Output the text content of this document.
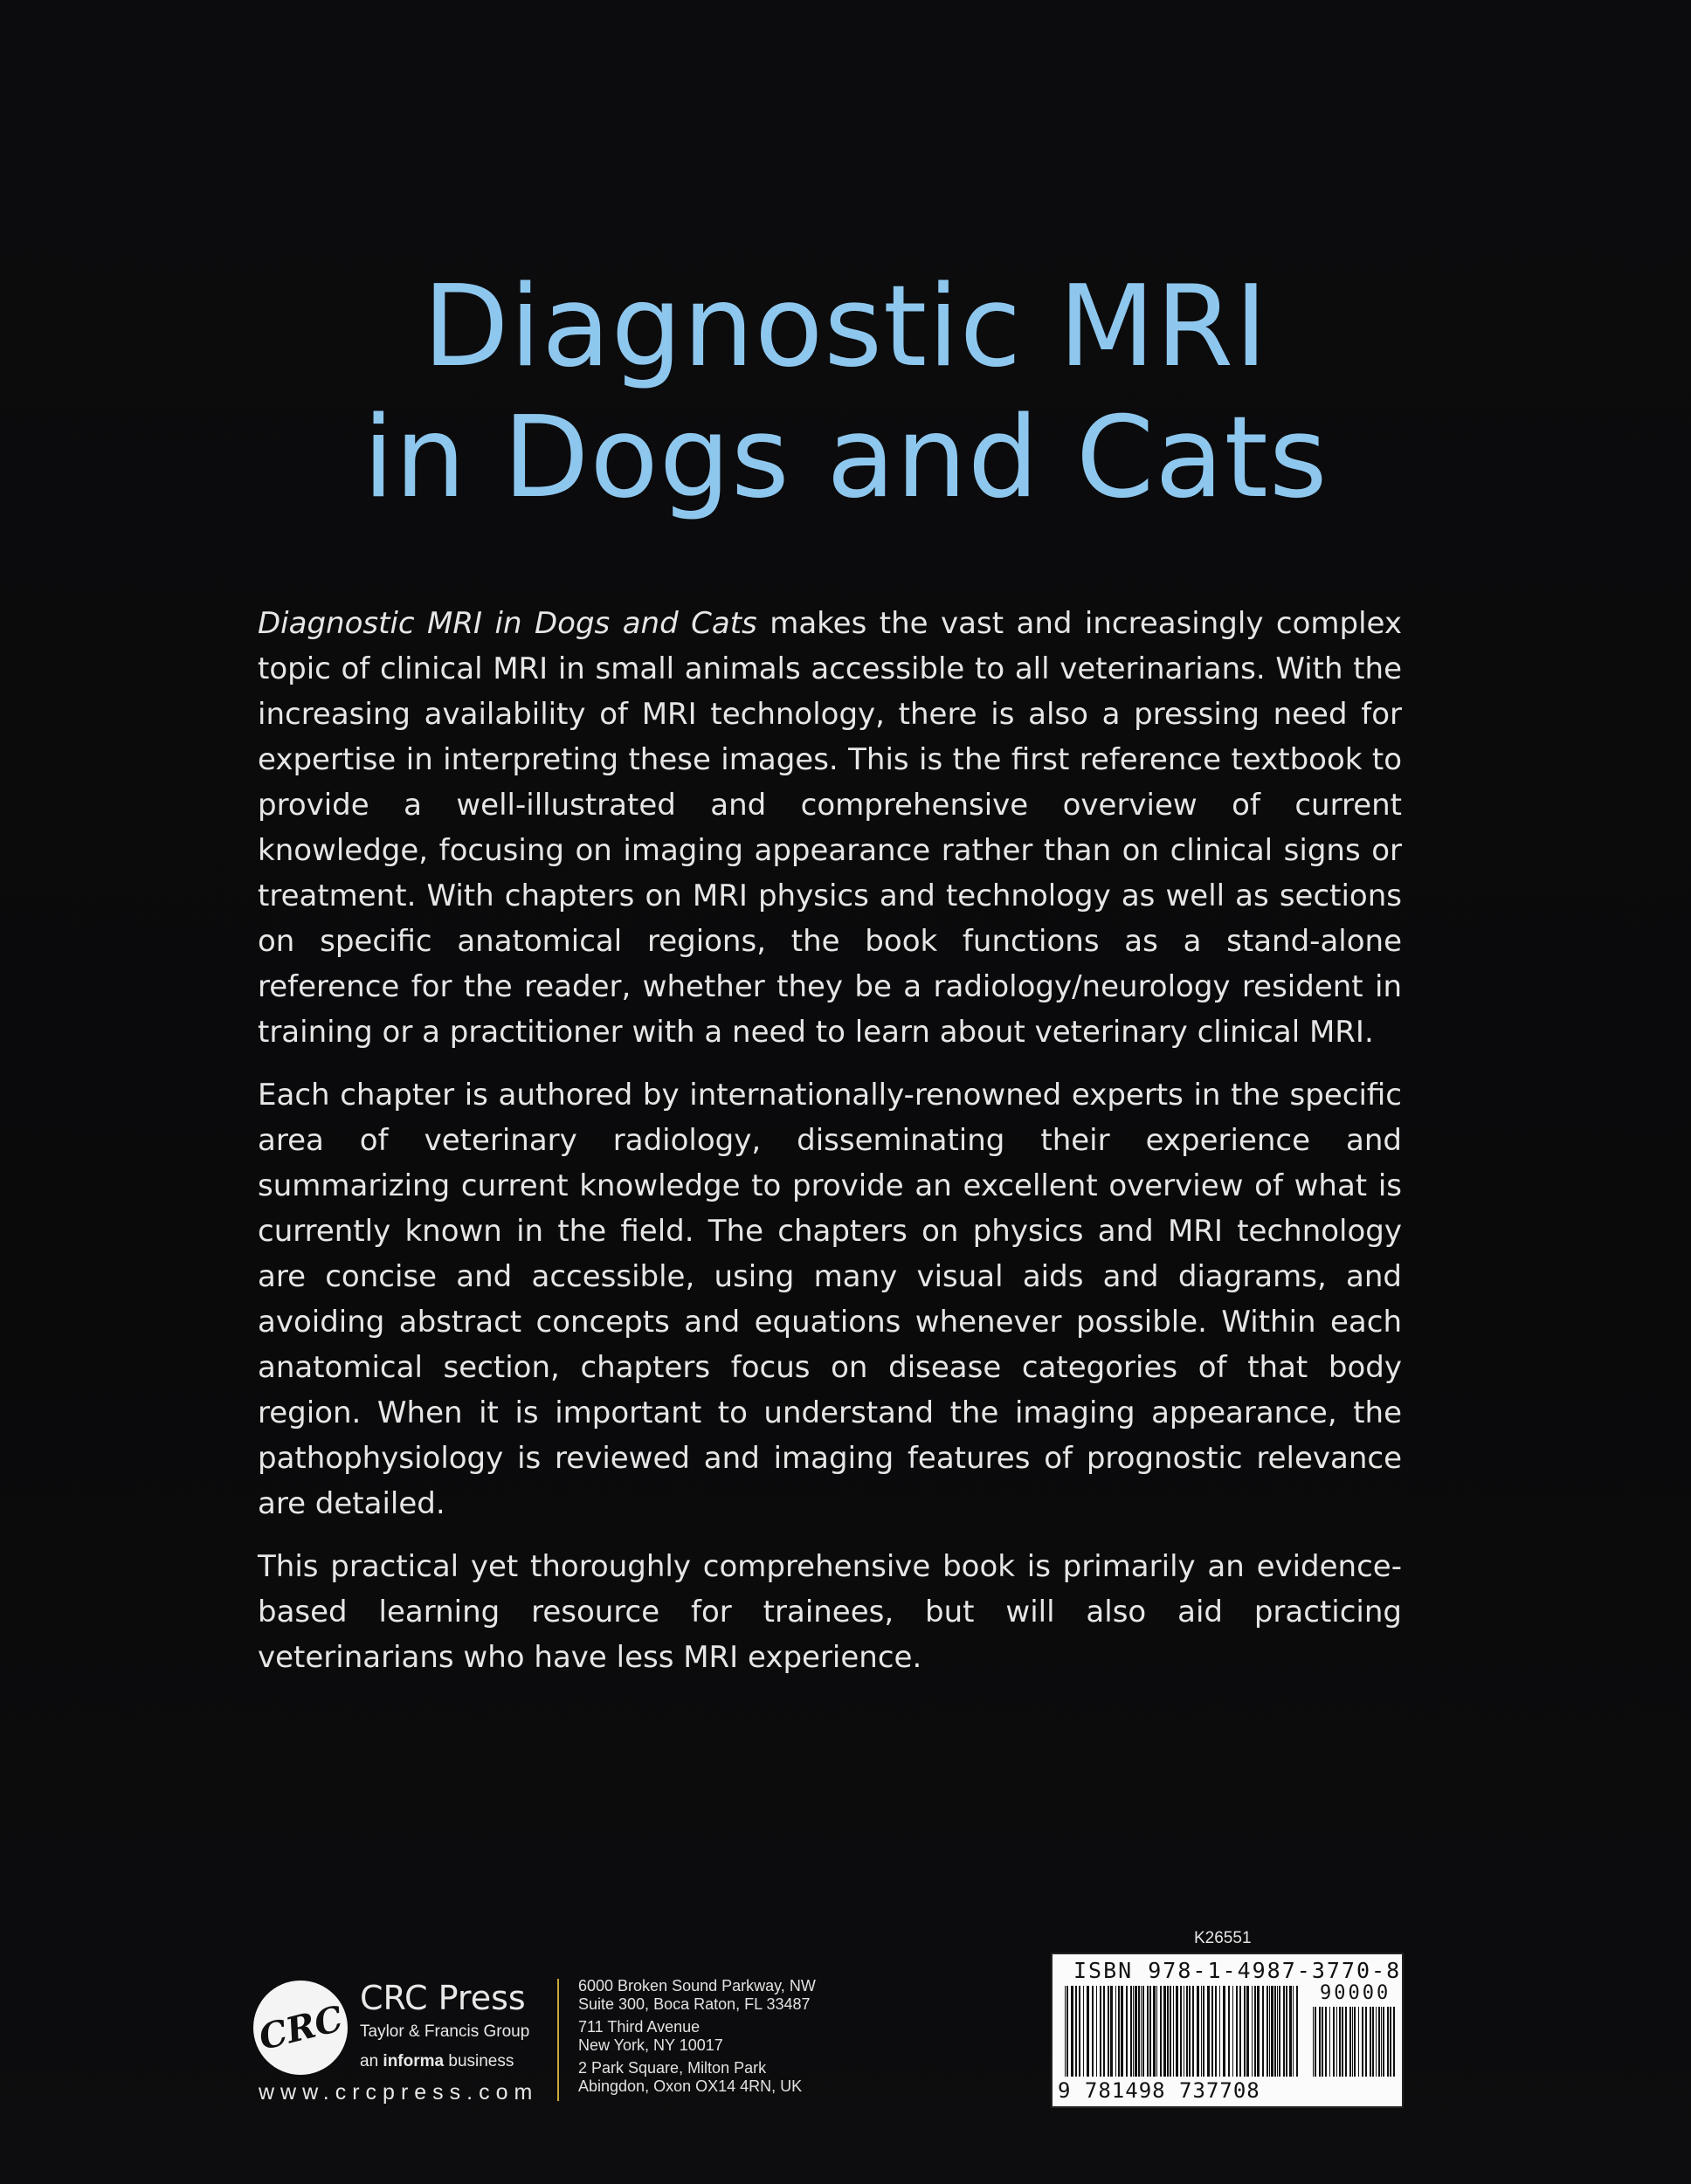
Diagnostic MRI
in Dogs and Cats

Diagnostic MRI in Dogs and Cats makes the vast and increasingly complex topic of clinical MRI in small animals accessible to all veterinarians. With the increasing availability of MRI technology, there is also a pressing need for expertise in interpreting these images. This is the first reference textbook to provide a well-illustrated and comprehensive overview of current knowledge, focusing on imaging appearance rather than on clinical signs or treatment. With chapters on MRI physics and technology as well as sections on specific anatomical regions, the book functions as a stand-alone reference for the reader, whether they be a radiology/neurology resident in training or a practitioner with a need to learn about veterinary clinical MRI.

Each chapter is authored by internationally-renowned experts in the specific area of veterinary radiology, disseminating their experience and summarizing current knowledge to provide an excellent overview of what is currently known in the field. The chapters on physics and MRI technology are concise and accessible, using many visual aids and diagrams, and avoiding abstract concepts and equations whenever possible. Within each anatomical section, chapters focus on disease categories of that body region. When it is important to understand the imaging appearance, the pathophysiology is reviewed and imaging features of prognostic relevance are detailed.

This practical yet thoroughly comprehensive book is primarily an evidence-based learning resource for trainees, but will also aid practicing veterinarians who have less MRI experience.

CRC CRC Press
Taylor & Francis Group
an informa business
www.crcpress.com
6000 Broken Sound Parkway, NW
Suite 300, Boca Raton, FL 33487
711 Third Avenue
New York, NY 10017
2 Park Square, Milton Park
Abingdon, Oxon OX14 4RN, UK
K26551
ISBN 978-1-4987-3770-8
90000
9 781498 737708
